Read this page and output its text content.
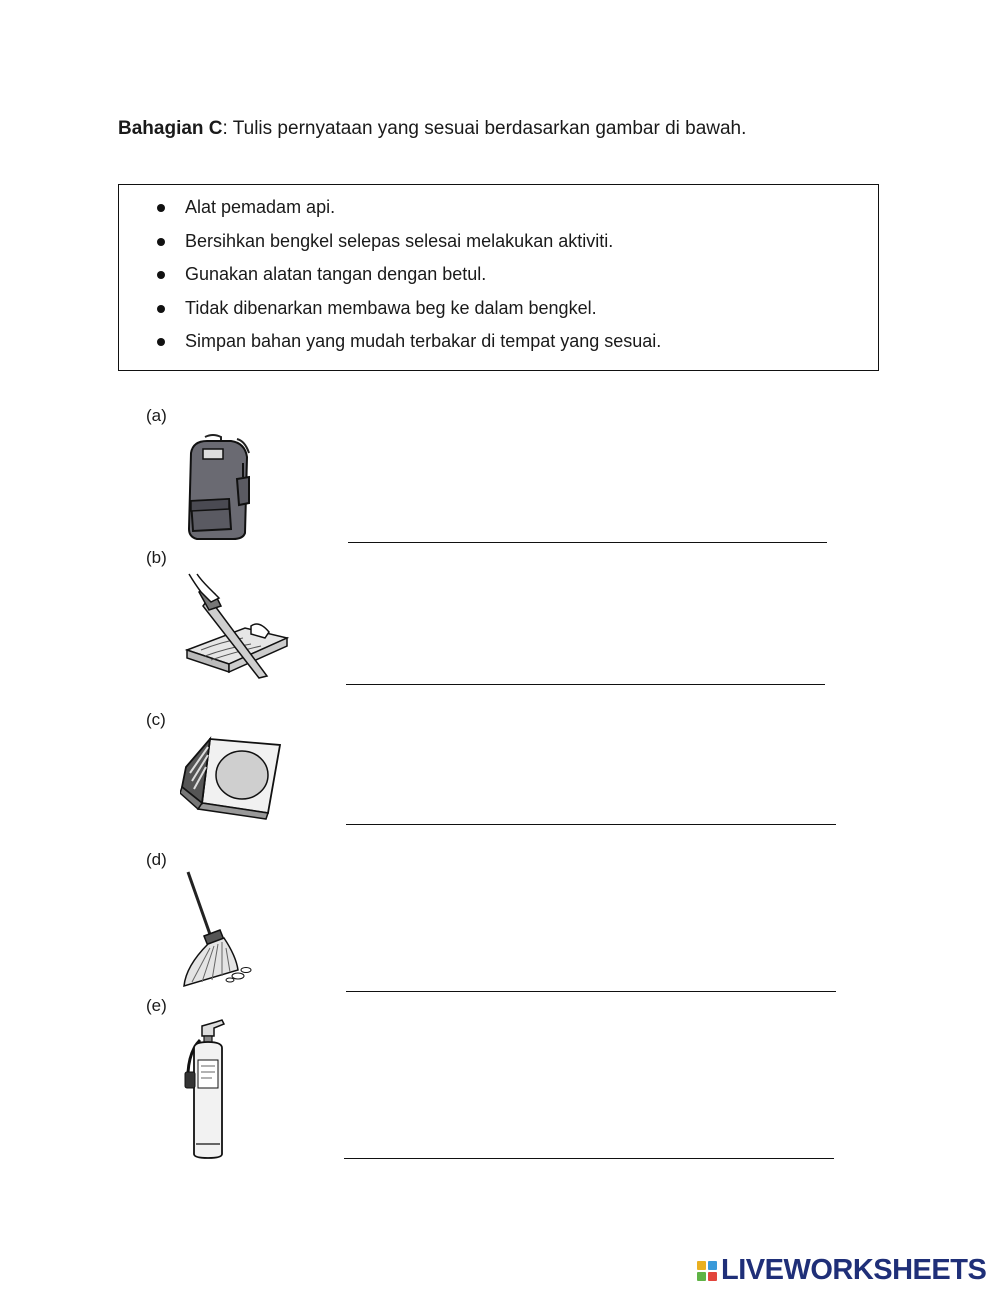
Bahagian C: Tulis pernyataan yang sesuai berdasarkan gambar di bawah.
Alat pemadam api.
Bersihkan bengkel selepas selesai melakukan aktiviti.
Gunakan alatan tangan dengan betul.
Tidak dibenarkan membawa beg ke dalam bengkel.
Simpan bahan yang mudah terbakar di tempat yang sesuai.
(a)
(b)
(c)
(d)
(e)
LIVEWORKSHEETS
